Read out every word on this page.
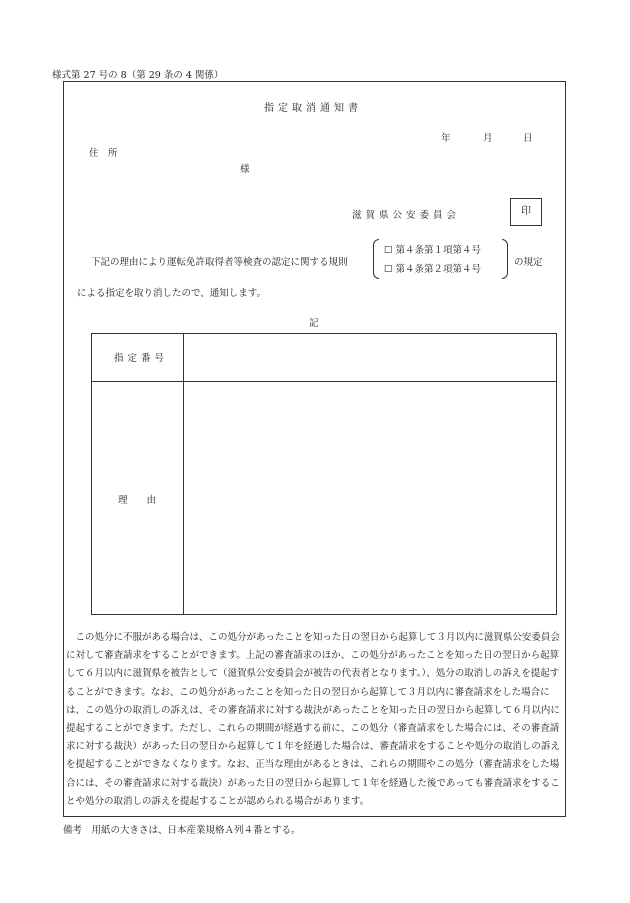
様式第 27 号の 8（第 29 条の 4 関係）
指定取消通知書
年	月	日
住　所
様
滋賀県公安委員会	印
下記の理由により運転免許取得者等検査の認定に関する規則
☐ 第４条第１項第４号
☐ 第４条第２項第４号
の規定
による指定を取り消したので、通知します。
記
指定番号
理　　由
この処分に不服がある場合は、この処分があったことを知った日の翌日から起算して３月以内に滋賀県公安委員会に対して審査請求をすることができます。上記の審査請求のほか、この処分があったことを知った日の翌日から起算して６月以内に滋賀県を被告として（滋賀県公安委員会が被告の代表者となります。）、処分の取消しの訴えを提起することができます。なお、この処分があったことを知った日の翌日から起算して３月以内に審査請求をした場合には、この処分の取消しの訴えは、その審査請求に対する裁決があったことを知った日の翌日から起算して６月以内に提起することができます。ただし、これらの期間が経過する前に、この処分（審査請求をした場合には、その審査請求に対する裁決）があった日の翌日から起算して１年を経過した場合は、審査請求をすることや処分の取消しの訴えを提起することができなくなります。なお、正当な理由があるときは、これらの期間やこの処分（審査請求をした場合には、その審査請求に対する裁決）があった日の翌日から起算して１年を経過した後であっても審査請求をすることや処分の取消しの訴えを提起することが認められる場合があります。
備考　用紙の大きさは、日本産業規格Ａ列４番とする。
